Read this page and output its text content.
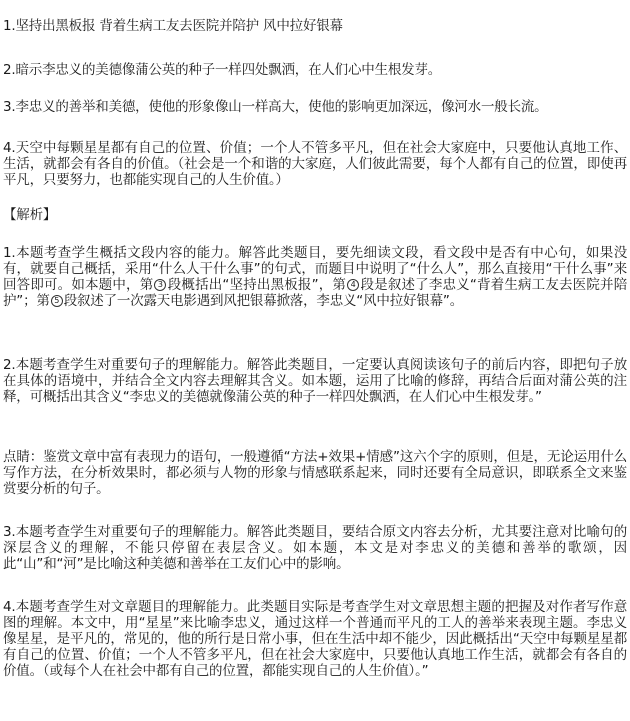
1.坚持出黑板报 背着生病工友去医院并陪护 风中拉好银幕

2.暗示李忠义的美德像蒲公英的种子一样四处飘洒，在人们心中生根发芽。

3.李忠义的善举和美德，使他的形象像山一样高大，使他的影响更加深远，像河水一般长流。

4.天空中每颗星星都有自己的位置、价值；一个人不管多平凡，但在社会大家庭中，只要他认真地工作、生活，就都会有各自的价值。（社会是一个和谐的大家庭，人们彼此需要，每个人都有自己的位置，即使再平凡，只要努力，也都能实现自己的人生价值。）

【解析】

1.本题考查学生概括文段内容的能力。解答此类题目，要先细读文段，看文段中是否有中心句，如果没有，就要自己概括，采用“什么人干什么事”的句式，而题目中说明了“什么人”，那么直接用“干什么事”来回答即可。如本题中，第 3 段概括出“坚持出黑板报”，第 4 段是叙述了李忠义“背着生病工友去医院并陪护”；第 5 段叙述了一次露天电影遇到风把银幕掀落，李忠义“风中拉好银幕”。

2.本题考查学生对重要句子的理解能力。解答此类题目，一定要认真阅读该句子的前后内容，即把句子放在具体的语境中，并结合全文内容去理解其含义。如本题，运用了比喻的修辞，再结合后面对蒲公英的注释，可概括出其含义“李忠义的美德就像蒲公英的种子一样四处飘洒，在人们心中生根发芽。”

点睛：鉴赏文章中富有表现力的语句，一般遵循“方法+效果+情感”这六个字的原则，但是，无论运用什么写作方法，在分析效果时，都必须与人物的形象与情感联系起来，同时还要有全局意识，即联系全文来鉴赏要分析的句子。

3.本题考查学生对重要句子的理解能力。解答此类题目，要结合原文内容去分析，尤其要注意对比喻句的深层含义的理解，不能只停留在表层含义。如本题，本文是对李忠义的美德和善举的歌颂，因此“山”和“河”是比喻这种美德和善举在工友们心中的影响。

4.本题考查学生对文章题目的理解能力。此类题目实际是考查学生对文章思想主题的把握及对作者写作意图的理解。本文中，用“星星”来比喻李忠义，通过这样一个普通而平凡的工人的善举来表现主题。李忠义像星星，是平凡的，常见的，他的所行是日常小事，但在生活中却不能少，因此概括出“天空中每颗星星都有自己的位置、价值；一个人不管多平凡，但在社会大家庭中，只要他认真地工作生活，就都会有各自的价值。（或每个人在社会中都有自己的位置，都能实现自己的人生价值）。”
